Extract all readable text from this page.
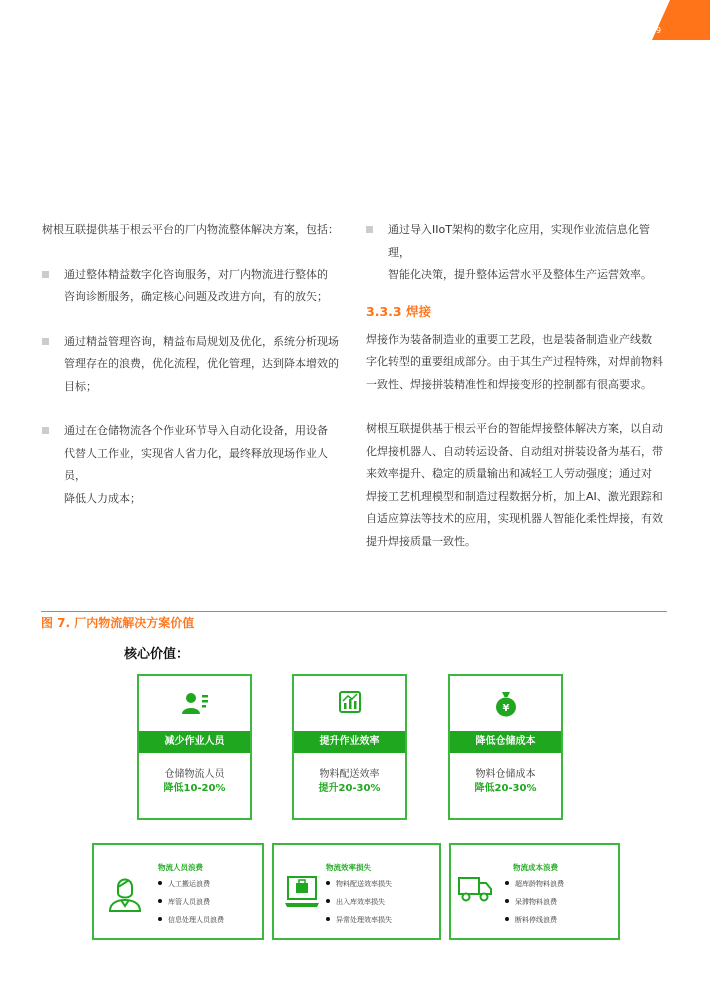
9

树根互联提供基于根云平台的厂内物流整体解决方案，包括：

通过整体精益数字化咨询服务，对厂内物流进行整体的

咨询诊断服务，确定核心问题及改进方向，有的放矢；

通过精益管理咨询，精益布局规划及优化，系统分析现场

管理存在的浪费，优化流程，优化管理，达到降本增效的

目标；

通过在仓储物流各个作业环节导入自动化设备，用设备

代替人工作业，实现省人省力化，最终释放现场作业人员，

降低人力成本；

通过导入IIoT架构的数字化应用，实现作业流信息化管理，

智能化决策，提升整体运营水平及整体生产运营效率。

3.3.3 焊接

焊接作为装备制造业的重要工艺段，也是装备制造业产线数

字化转型的重要组成部分。由于其生产过程特殊，对焊前物料

一致性、焊接拼装精准性和焊接变形的控制都有很高要求。

树根互联提供基于根云平台的智能焊接整体解决方案，以自动

化焊接机器人、自动转运设备、自动组对拼装设备为基石，带

来效率提升、稳定的质量输出和减轻工人劳动强度；通过对

焊接工艺机理模型和制造过程数据分析，加上AI、激光跟踪和

自适应算法等技术的应用，实现机器人智能化柔性焊接，有效

提升焊接质量一致性。

图 7. 厂内物流解决方案价值
核心价值：
减少作业人员
仓储物流人员
降低10-20%
提升作业效率
物料配送效率
提升20-30%
¥
降低仓储成本
物料仓储成本
降低20-30%
物流人员浪费
人工搬运浪费
库管人员浪费
信息处理人员浪费
物流效率损失
物料配送效率损失
出入库效率损失
异常处理效率损失
物流成本浪费
超库龄物料浪费
呆滞物料浪费
断料停线浪费
